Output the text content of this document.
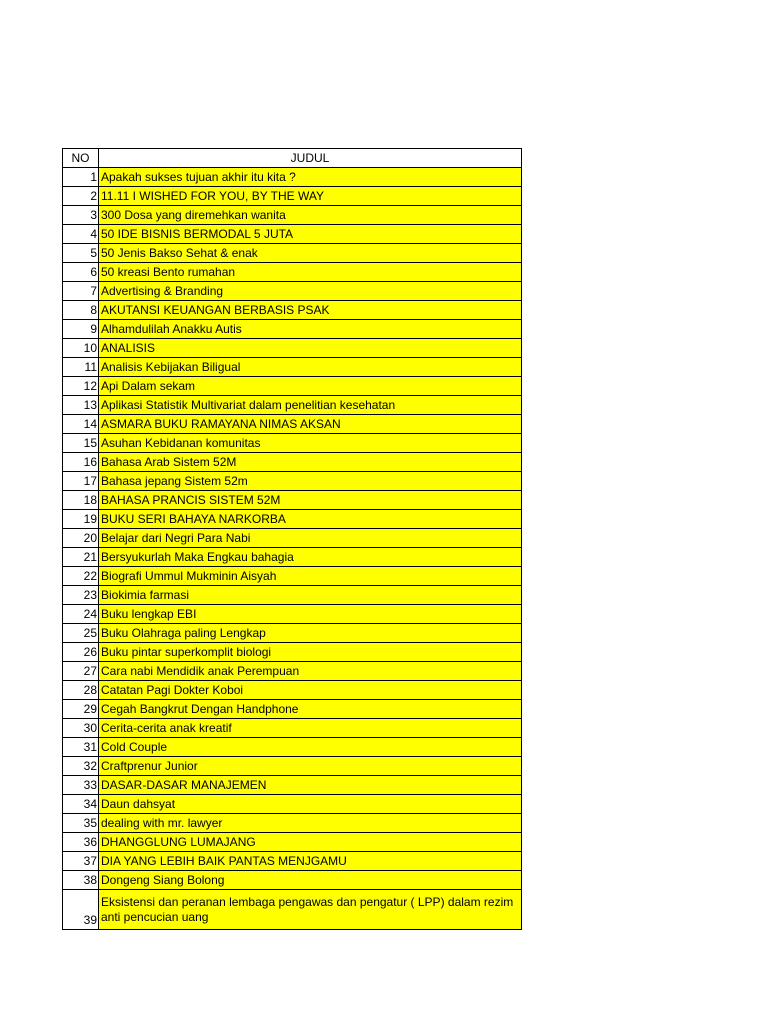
NO	JUDUL
1	Apakah sukses tujuan akhir itu kita ?
2	11.11 I WISHED FOR YOU, BY THE WAY
3	300 Dosa yang diremehkan wanita
4	50 IDE BISNIS BERMODAL 5 JUTA
5	50 Jenis Bakso Sehat & enak
6	50 kreasi Bento rumahan
7	Advertising & Branding
8	AKUTANSI KEUANGAN BERBASIS PSAK
9	Alhamdulilah Anakku Autis
10	ANALISIS
11	Analisis Kebijakan Biligual
12	Api Dalam sekam
13	Aplikasi Statistik Multivariat dalam penelitian kesehatan
14	ASMARA BUKU RAMAYANA NIMAS AKSAN
15	Asuhan Kebidanan komunitas
16	Bahasa Arab Sistem 52M
17	Bahasa jepang Sistem 52m
18	BAHASA PRANCIS SISTEM 52M
19	BUKU SERI BAHAYA NARKORBA
20	Belajar dari Negri Para Nabi
21	Bersyukurlah Maka Engkau bahagia
22	Biografi Ummul Mukminin Aisyah
23	Biokimia farmasi
24	Buku lengkap EBI
25	Buku Olahraga paling Lengkap
26	Buku pintar superkomplit biologi
27	Cara nabi Mendidik anak Perempuan
28	Catatan Pagi Dokter Koboi
29	Cegah Bangkrut Dengan Handphone
30	Cerita-cerita anak kreatif
31	Cold Couple
32	Craftprenur Junior
33	DASAR-DASAR MANAJEMEN
34	Daun dahsyat
35	dealing with mr. lawyer
36	DHANGGLUNG LUMAJANG
37	DIA YANG LEBIH BAIK PANTAS MENJGAMU
38	Dongeng Siang Bolong
39	Eksistensi dan peranan lembaga pengawas dan pengatur ( LPP) dalam rezim anti pencucian uang
